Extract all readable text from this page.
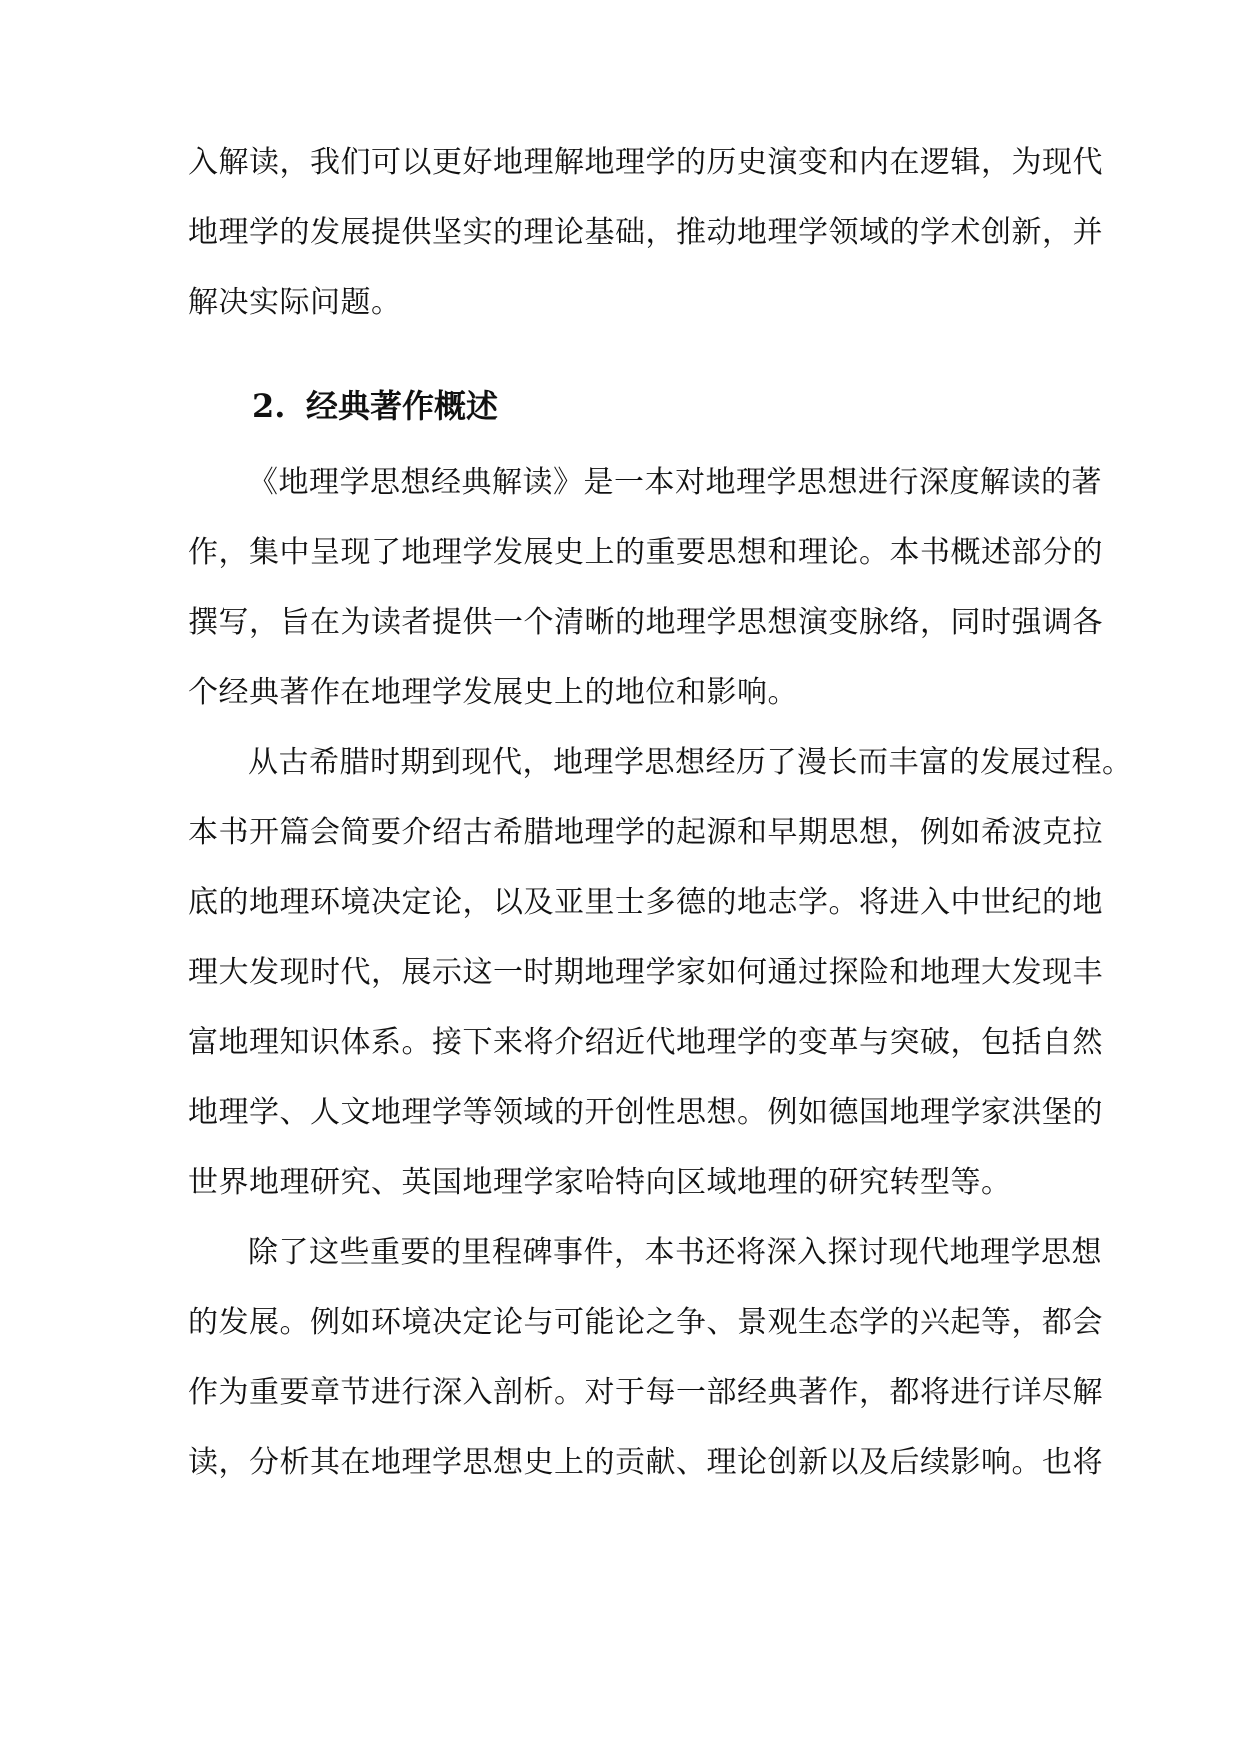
入解读，我们可以更好地理解地理学的历史演变和内在逻辑，为现代
地理学的发展提供坚实的理论基础，推动地理学领域的学术创新，并
解决实际问题。
2. 经典著作概述
《地理学思想经典解读》是一本对地理学思想进行深度解读的著
作，集中呈现了地理学发展史上的重要思想和理论。本书概述部分的
撰写，旨在为读者提供一个清晰的地理学思想演变脉络，同时强调各
个经典著作在地理学发展史上的地位和影响。
从古希腊时期到现代，地理学思想经历了漫长而丰富的发展过程。
本书开篇会简要介绍古希腊地理学的起源和早期思想，例如希波克拉
底的地理环境决定论，以及亚里士多德的地志学。将进入中世纪的地
理大发现时代，展示这一时期地理学家如何通过探险和地理大发现丰
富地理知识体系。接下来将介绍近代地理学的变革与突破，包括自然
地理学、人文地理学等领域的开创性思想。例如德国地理学家洪堡的
世界地理研究、英国地理学家哈特向区域地理的研究转型等。
除了这些重要的里程碑事件，本书还将深入探讨现代地理学思想
的发展。例如环境决定论与可能论之争、景观生态学的兴起等，都会
作为重要章节进行深入剖析。对于每一部经典著作，都将进行详尽解
读，分析其在地理学思想史上的贡献、理论创新以及后续影响。也将
